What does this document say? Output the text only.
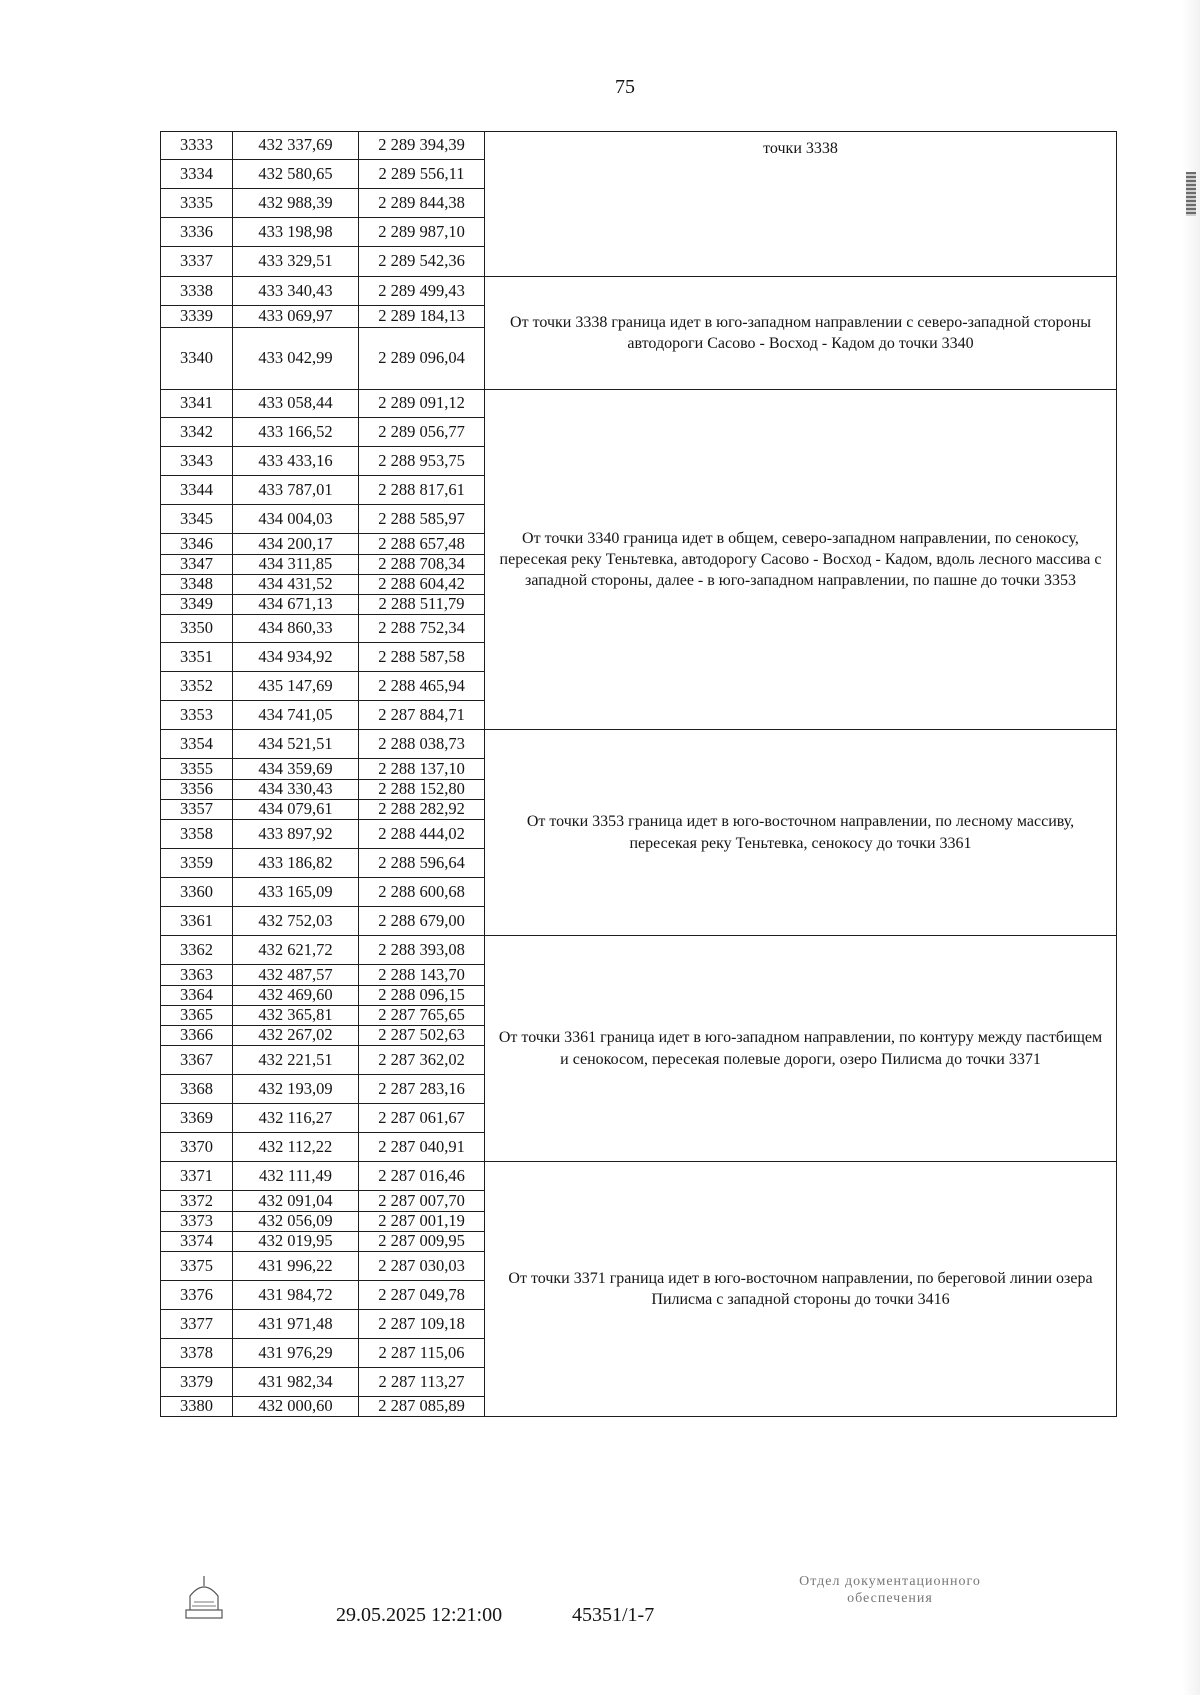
75
3333	432 337,69	2 289 394,39	точки 3338
3334	432 580,65	2 289 556,11	
3335	432 988,39	2 289 844,38	
3336	433 198,98	2 289 987,10	
3337	433 329,51	2 289 542,36	
3338	433 340,43	2 289 499,43	От точки 3338 граница идет в юго-западном направлении с северо-западной стороны автодороги Сасово - Восход - Кадом до точки 3340
3339	433 069,97	2 289 184,13	
3340	433 042,99	2 289 096,04	
3341	433 058,44	2 289 091,12	От точки 3340 граница идет в общем, северо-западном направлении, по сенокосу, пересекая реку Теньтевка, автодорогу Сасово - Восход - Кадом, вдоль лесного массива с западной стороны, далее - в юго-западном направлении, по пашне до точки 3353
3342	433 166,52	2 289 056,77	
3343	433 433,16	2 288 953,75	
3344	433 787,01	2 288 817,61	
3345	434 004,03	2 288 585,97	
3346	434 200,17	2 288 657,48	
3347	434 311,85	2 288 708,34	
3348	434 431,52	2 288 604,42	
3349	434 671,13	2 288 511,79	
3350	434 860,33	2 288 752,34	
3351	434 934,92	2 288 587,58	
3352	435 147,69	2 288 465,94	
3353	434 741,05	2 287 884,71	
3354	434 521,51	2 288 038,73	От точки 3353 граница идет в юго-восточном направлении, по лесному массиву, пересекая реку Теньтевка, сенокосу до точки 3361
3355	434 359,69	2 288 137,10	
3356	434 330,43	2 288 152,80	
3357	434 079,61	2 288 282,92	
3358	433 897,92	2 288 444,02	
3359	433 186,82	2 288 596,64	
3360	433 165,09	2 288 600,68	
3361	432 752,03	2 288 679,00	
3362	432 621,72	2 288 393,08	От точки 3361 граница идет в юго-западном направлении, по контуру между пастбищем и сенокосом, пересекая полевые дороги, озеро Пилисма до точки 3371
3363	432 487,57	2 288 143,70	
3364	432 469,60	2 288 096,15	
3365	432 365,81	2 287 765,65	
3366	432 267,02	2 287 502,63	
3367	432 221,51	2 287 362,02	
3368	432 193,09	2 287 283,16	
3369	432 116,27	2 287 061,67	
3370	432 112,22	2 287 040,91	
3371	432 111,49	2 287 016,46	От точки 3371 граница идет в юго-восточном направлении, по береговой линии озера Пилисма с западной стороны до точки 3416
3372	432 091,04	2 287 007,70	
3373	432 056,09	2 287 001,19	
3374	432 019,95	2 287 009,95	
3375	431 996,22	2 287 030,03	
3376	431 984,72	2 287 049,78	
3377	431 971,48	2 287 109,18	
3378	431 976,29	2 287 115,06	
3379	431 982,34	2 287 113,27	
3380	432 000,60	2 287 085,89	
29.05.2025 12:21:00	45351/1-7
Отдел документационного
обеспечения
